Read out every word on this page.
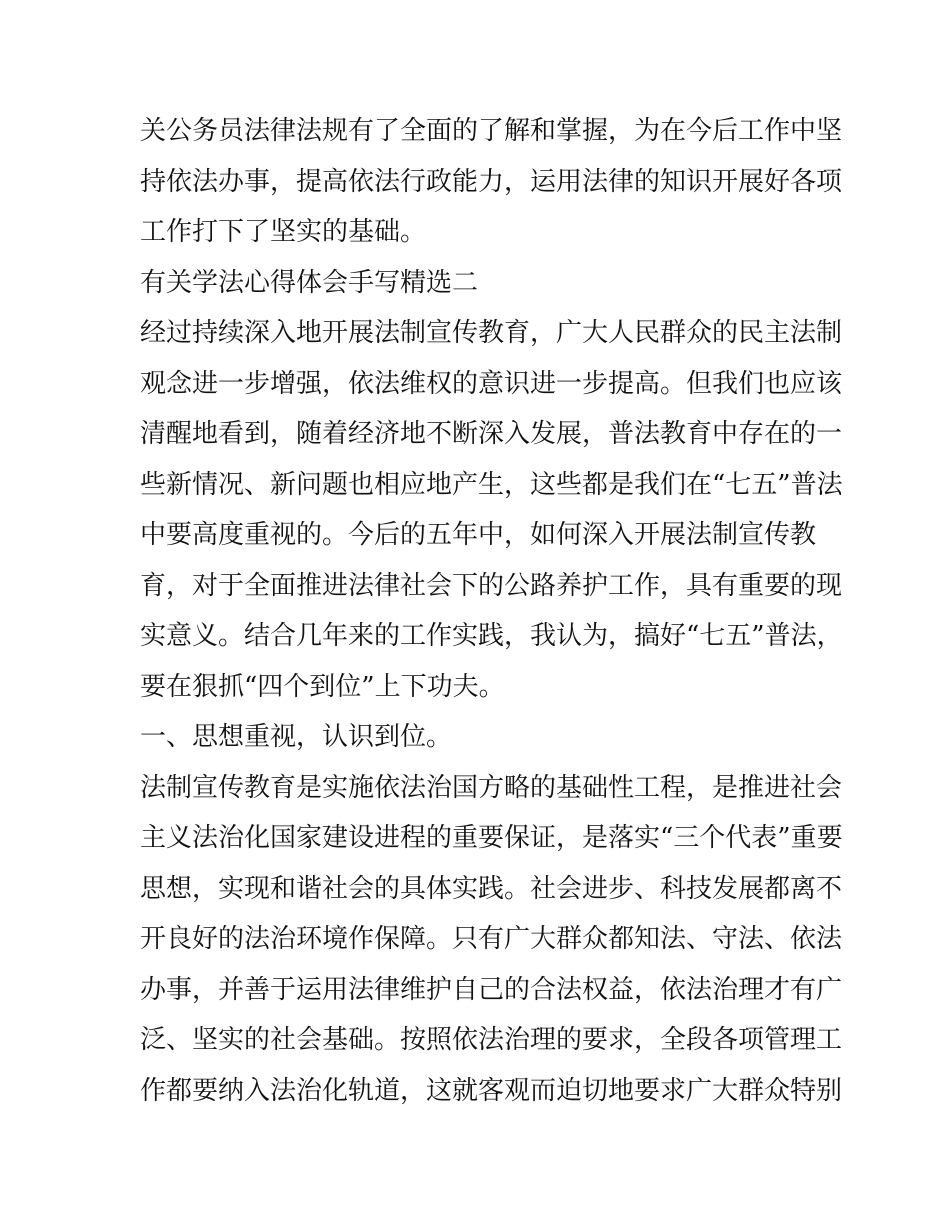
关公务员法律法规有了全面的了解和掌握，为在今后工作中坚

持依法办事，提高依法行政能力，运用法律的知识开展好各项

工作打下了坚实的基础。

有关学法心得体会手写精选二

经过持续深入地开展法制宣传教育，广大人民群众的民主法制

观念进一步增强，依法维权的意识进一步提高。但我们也应该

清醒地看到，随着经济地不断深入发展，普法教育中存在的一

些新情况、新问题也相应地产生，这些都是我们在“七五”普法

中要高度重视的。今后的五年中，如何深入开展法制宣传教

育，对于全面推进法律社会下的公路养护工作，具有重要的现

实意义。结合几年来的工作实践，我认为，搞好“七五”普法，

要在狠抓“四个到位”上下功夫。

一、思想重视，认识到位。

法制宣传教育是实施依法治国方略的基础性工程，是推进社会

主义法治化国家建设进程的重要保证，是落实“三个代表”重要

思想，实现和谐社会的具体实践。社会进步、科技发展都离不

开良好的法治环境作保障。只有广大群众都知法、守法、依法

办事，并善于运用法律维护自己的合法权益，依法治理才有广

泛、坚实的社会基础。按照依法治理的要求，全段各项管理工

作都要纳入法治化轨道，这就客观而迫切地要求广大群众特别
